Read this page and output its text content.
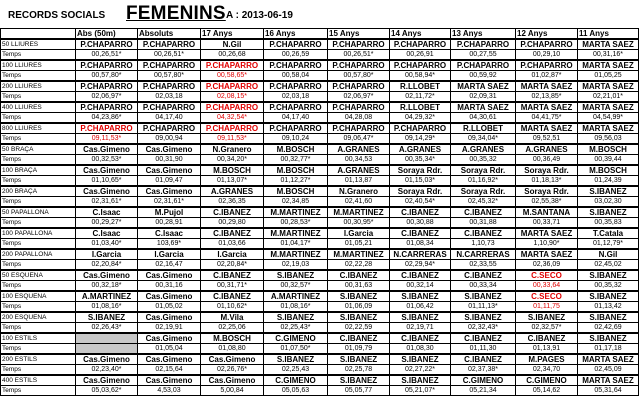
RECORDS SOCIALS FEMENINS A : 2013-06-19
	Abs (50m)	Absoluts	17 Anys	16 Anys	15 Anys	14 Anys	13 Anys	12 Anys	11 Anys
50 LLIURES	P.CHAPARRO	P.CHAPARRO	N.Gil	P.CHAPARRO	P.CHAPARRO	P.CHAPARRO	P.CHAPARRO	P.CHAPARRO	MARTA SAEZ
Temps	00,26,51*	00,26,51*	00,26,68	00,26,59	00,26,51*	00,26,91	00,27,55	00,29,10	00,31,16*
100 LLIURES	P.CHAPARRO	P.CHAPARRO	P.CHAPARRO	P.CHAPARRO	P.CHAPARRO	P.CHAPARRO	P.CHAPARRO	P.CHAPARRO	MARTA SAEZ
Temps	00,57,80*	00,57,80*	00,58,65*	00,58,04	00,57,80*	00,58,94*	00,59,92	01,02,87*	01,05,25
200 LLIURES	P.CHAPARRO	P.CHAPARRO	P.CHAPARRO	P.CHAPARRO	P.CHAPARRO	R.LLOBET	MARTA SAEZ	MARTA SAEZ	MARTA SAEZ
Temps	02,06,97*	02,03,18	02,08,15*	02,03,18	02,06,97*	02,11,72*	02,09,31	02,13,85*	02,21,01*
400 LLIURES	P.CHAPARRO	P.CHAPARRO	P.CHAPARRO	P.CHAPARRO	P.CHAPARRO	R.LLOBET	MARTA SAEZ	MARTA SAEZ	MARTA SAEZ
Temps	04,23,86*	04,17,40	04,32,54*	04,17,40	04,28,08	04,29,32*	04,30,61	04,41,75*	04,54,99*
800 LLIURES	P.CHAPARRO	P.CHAPARRO	P.CHAPARRO	P.CHAPARRO	P.CHAPARRO	P.CHAPARRO	R.LLOBET	MARTA SAEZ	MARTA SAEZ
Temps	09,11,53*	09,00,94	09,11,53*	09,10,24	09,06,47*	09,14,29*	09,34,04*	09,52,51	09,56,03
50 BRAÇA	Cas.Gimeno	Cas.Gimeno	N.Granero	M.BOSCH	A.GRANES	A.GRANES	A.GRANES	A.GRANES	M.BOSCH
Temps	00,32,53*	00,31,90	00,34,20*	00,32,77*	00,34,53	00,35,34*	00,35,32	00,36,49	00,39,44
100 BRAÇA	Cas.Gimeno	Cas.Gimeno	M.BOSCH	M.BOSCH	A.GRANES	Soraya Rdr.	Soraya Rdr.	Soraya Rdr.	M.BOSCH
Temps	01,10,65*	01,09,47	01,13,07*	01,12,27*	01,13,87	01,15,03*	01,16,92*	01,18,13*	01,24,39
200 BRAÇA	Cas.Gimeno	Cas.Gimeno	A.GRANES	M.BOSCH	N.Granero	Soraya Rdr.	Soraya Rdr.	Soraya Rdr.	S.IBANEZ
Temps	02,31,61*	02,31,61*	02,36,35	02,34,85	02,41,60	02,40,54*	02,45,32*	02,55,38*	03,02,30
50 PAPALLONA	C.Isaac	M.Pujol	C.IBANEZ	M.MARTINEZ	M.MARTINEZ	C.IBANEZ	C.IBANEZ	M.SANTANA	S.IBANEZ
Temps	00,29,27*	00,28,91	00,29,80	00,28,53*	00,30,95*	00,30,88	00,31,88	00,33,71	00,35,83
100 PAPALLONA	C.Isaac	C.Isaac	C.IBANEZ	M.MARTINEZ	I.Garcia	C.IBANEZ	C.IBANEZ	MARTA SAEZ	T.Catala
Temps	01,03,40*	103,69*	01,03,66	01,04,17*	01,05,21	01,08,34	1,10,73	1,10,90*	01,12,79*
200 PAPALLONA	I.Garcia	I.Garcia	I.Garcia	M.MARTINEZ	M.MARTINEZ	N.CARRERAS	N.CARRERAS	MARTA SAEZ	N.Gil
Temps	02,20,84*	02,16,47	02,20,84*	02,19,03	02,22,28	02,29,94*	02,33,55	02,36,09	02,45,02
50 ESQUENA	Cas.Gimeno	Cas.Gimeno	C.IBANEZ	S.IBANEZ	C.IBANEZ	C.IBANEZ	C.IBANEZ	C.SECO	S.IBANEZ
Temps	00,32,18*	00,31,16	00,31,71*	00,32,57*	00,31,63	00,32,14	00,33,34	00,33,64	00,35,32
100 ESQUENA	A.MARTINEZ	Cas.Gimeno	C.IBANEZ	A.MARTINEZ	S.IBANEZ	S.IBANEZ	S.IBANEZ	C.SECO	S.IBANEZ
Temps	01,08,16*	01,05,02	01,10,62*	01,08,16*	01,06,09	01,06,42	01,11,13*	01,11,75	01,13,42
200 ESQUENA	S.IBANEZ	Cas.Gimeno	M.Vila	S.IBANEZ	S.IBANEZ	S.IBANEZ	S.IBANEZ	S.IBANEZ	S.IBANEZ
Temps	02,26,43*	02,19,91	02,25,06	02,25,43*	02,22,59	02,19,71	02,32,43*	02,32,57*	02,42,69
100 ESTILS		Cas.Gimeno	M.BOSCH	C.GIMENO	C.IBANEZ	C.IBANEZ	C.IBANEZ	C.IBANEZ	S.IBANEZ
Temps		01,05,04	01,08,80	01,07,50*	01,09,79	01,08,30	01,11,30	01,13,91	01,17,18
200 ESTILS	Cas.Gimeno	Cas.Gimeno	Cas.Gimeno	S.IBANEZ	S.IBANEZ	S.IBANEZ	C.IBANEZ	M.PAGES	MARTA SAEZ
Temps	02,23,40*	02,15,64	02,26,76*	02,25,43	02,25,78	02,27,22*	02,37,38*	02,34,70	02,45,09
400 ESTILS	Cas.Gimeno	Cas.Gimeno	Cas.Gimeno	C.GIMENO	S.IBANEZ	S.IBANEZ	C.GIMENO	C.GIMENO	MARTA SAEZ
Temps	05,03,62*	4,53,03	5,00,84	05,05,63	05,05,77	05,21,07*	05,21,34	05,14,62	05,31,64
